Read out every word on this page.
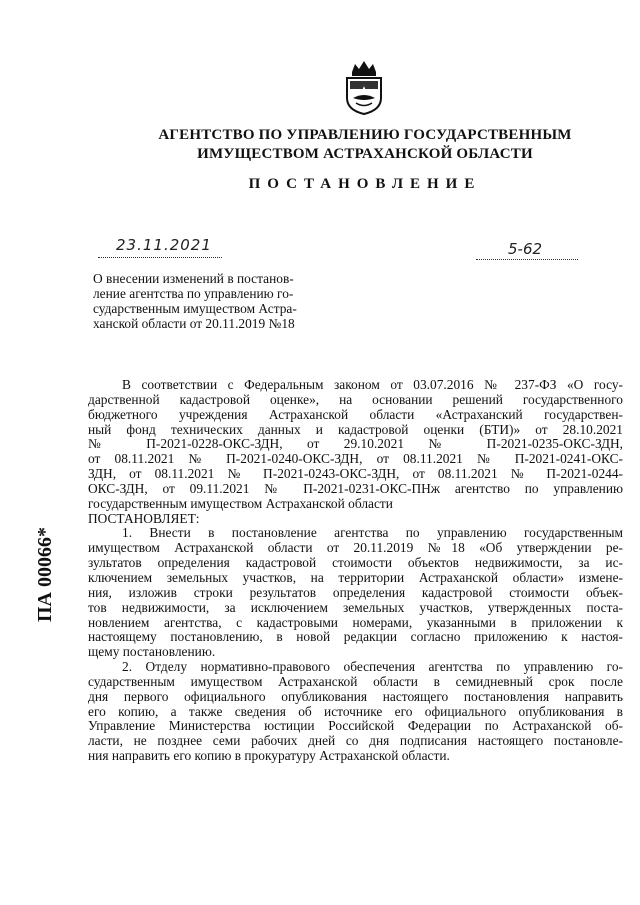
АГЕНТСТВО ПО УПРАВЛЕНИЮ ГОСУДАРСТВЕННЫМ
ИМУЩЕСТВОМ АСТРАХАНСКОЙ ОБЛАСТИ
ПОСТАНОВЛЕНИЕ
23.11.2021	5-62
О внесении изменений в постанов-
ление агентства по управлению го-
сударственным имуществом Астра-
ханской области от 20.11.2019 №18
ПА 00066*
В соответствии с Федеральным законом от 03.07.2016 № 237-ФЗ «О госу-
дарственной кадастровой оценке», на основании решений государственного
бюджетного учреждения Астраханской области «Астраханский государствен-
ный фонд технических данных и кадастровой оценки (БТИ)» от 28.10.2021
№ П-2021-0228-ОКС-ЗДН, от 29.10.2021 № П-2021-0235-ОКС-ЗДН,
от 08.11.2021 № П-2021-0240-ОКС-ЗДН, от 08.11.2021 № П-2021-0241-ОКС-
ЗДН, от 08.11.2021 № П-2021-0243-ОКС-ЗДН, от 08.11.2021 № П-2021-0244-
ОКС-ЗДН, от 09.11.2021 № П-2021-0231-ОКС-ПНж агентство по управлению
государственным имуществом Астраханской области
ПОСТАНОВЛЯЕТ:
1. Внести в постановление агентства по управлению государственным
имуществом Астраханской области от 20.11.2019 №18 «Об утверждении ре-
зультатов определения кадастровой стоимости объектов недвижимости, за ис-
ключением земельных участков, на территории Астраханской области» измене-
ния, изложив строки результатов определения кадастровой стоимости объек-
тов недвижимости, за исключением земельных участков, утвержденных поста-
новлением агентства, с кадастровыми номерами, указанными в приложении к
настоящему постановлению, в новой редакции согласно приложению к настоя-
щему постановлению.
2. Отделу нормативно-правового обеспечения агентства по управлению го-
сударственным имуществом Астраханской области в семидневный срок после
дня первого официального опубликования настоящего постановления направить
его копию, а также сведения об источнике его официального опубликования в
Управление Министерства юстиции Российской Федерации по Астраханской об-
ласти, не позднее семи рабочих дней со дня подписания настоящего постановле-
ния направить его копию в прокуратуру Астраханской области.
